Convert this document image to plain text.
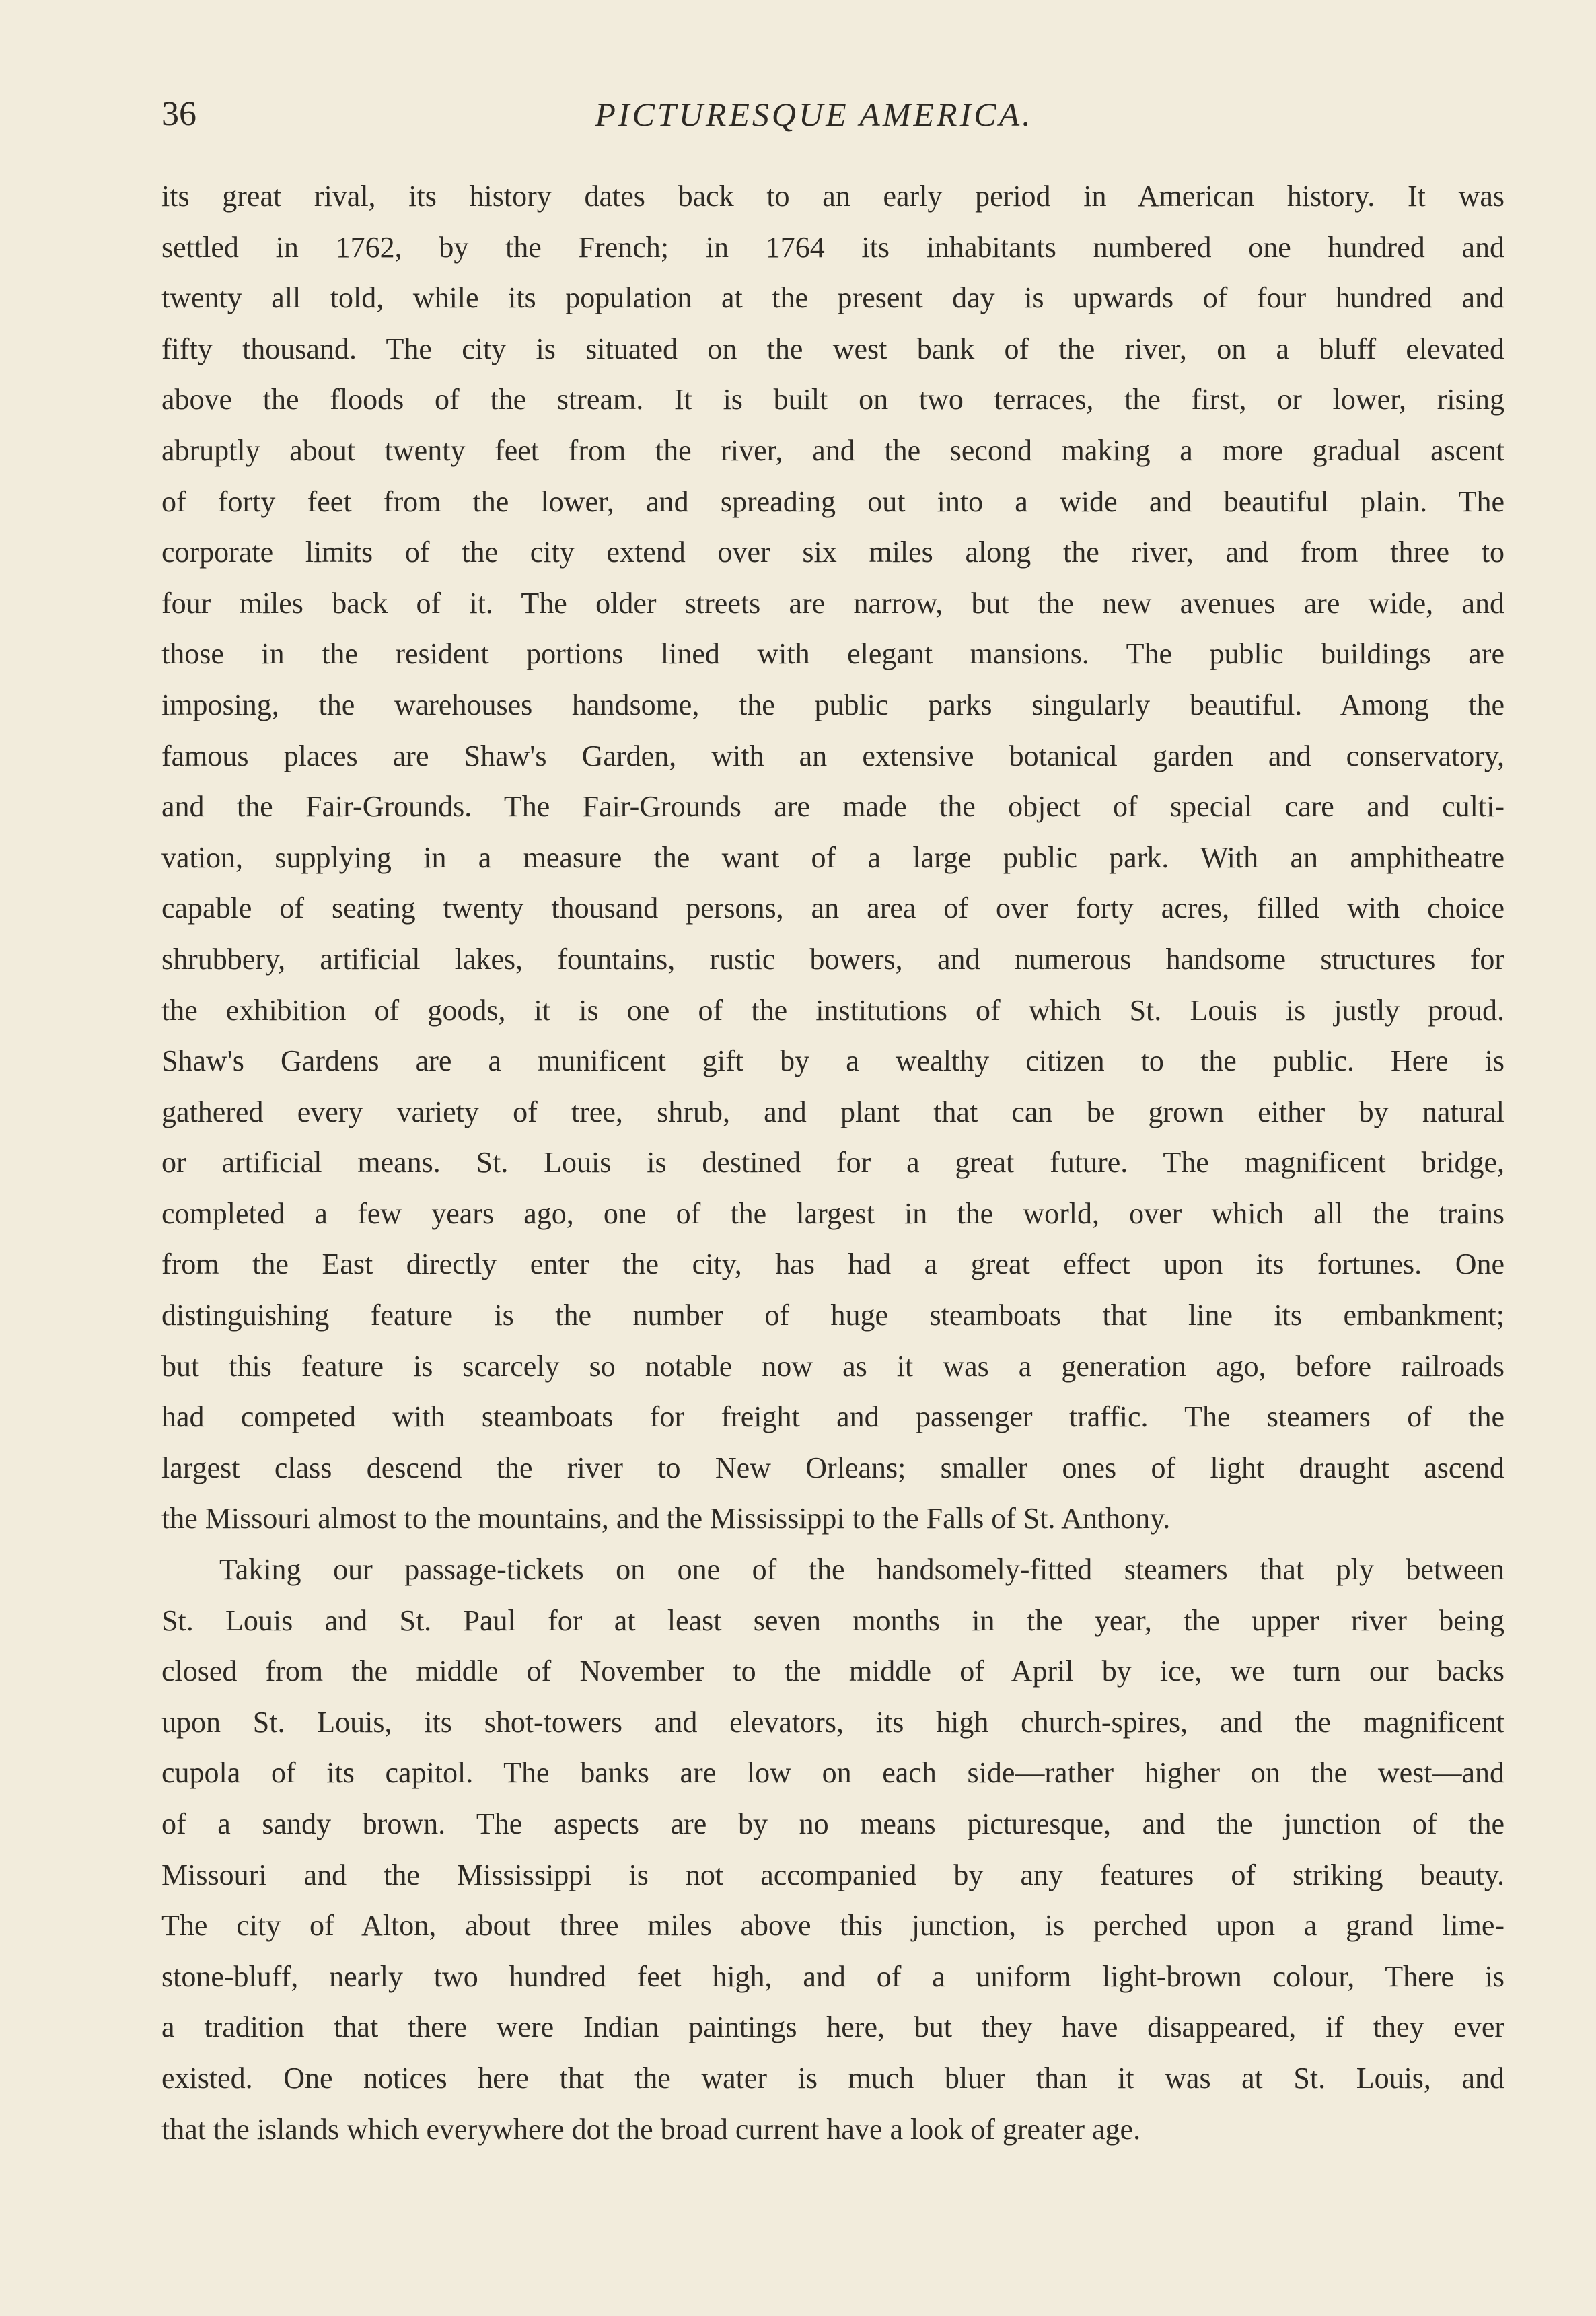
36	PICTURESQUE AMERICA.

its great rival, its history dates back to an early period in American history. It was

settled in 1762, by the French; in 1764 its inhabitants numbered one hundred and

twenty all told, while its population at the present day is upwards of four hundred and

fifty thousand. The city is situated on the west bank of the river, on a bluff elevated

above the floods of the stream. It is built on two terraces, the first, or lower, rising

abruptly about twenty feet from the river, and the second making a more gradual ascent

of forty feet from the lower, and spreading out into a wide and beautiful plain. The

corporate limits of the city extend over six miles along the river, and from three to

four miles back of it. The older streets are narrow, but the new avenues are wide, and

those in the resident portions lined with elegant mansions. The public buildings are

imposing, the warehouses handsome, the public parks singularly beautiful. Among the

famous places are Shaw's Garden, with an extensive botanical garden and conservatory,

and the Fair-Grounds. The Fair-Grounds are made the object of special care and culti-

vation, supplying in a measure the want of a large public park. With an amphitheatre

capable of seating twenty thousand persons, an area of over forty acres, filled with choice

shrubbery, artificial lakes, fountains, rustic bowers, and numerous handsome structures for

the exhibition of goods, it is one of the institutions of which St. Louis is justly proud.

Shaw's Gardens are a munificent gift by a wealthy citizen to the public. Here is

gathered every variety of tree, shrub, and plant that can be grown either by natural

or artificial means. St. Louis is destined for a great future. The magnificent bridge,

completed a few years ago, one of the largest in the world, over which all the trains

from the East directly enter the city, has had a great effect upon its fortunes. One

distinguishing feature is the number of huge steamboats that line its embankment;

but this feature is scarcely so notable now as it was a generation ago, before railroads

had competed with steamboats for freight and passenger traffic. The steamers of the

largest class descend the river to New Orleans; smaller ones of light draught ascend

the Missouri almost to the mountains, and the Mississippi to the Falls of St. Anthony.

Taking our passage-tickets on one of the handsomely-fitted steamers that ply between

St. Louis and St. Paul for at least seven months in the year, the upper river being

closed from the middle of November to the middle of April by ice, we turn our backs

upon St. Louis, its shot-towers and elevators, its high church-spires, and the magnificent

cupola of its capitol. The banks are low on each side—rather higher on the west—and

of a sandy brown. The aspects are by no means picturesque, and the junction of the

Missouri and the Mississippi is not accompanied by any features of striking beauty.

The city of Alton, about three miles above this junction, is perched upon a grand lime-

stone-bluff, nearly two hundred feet high, and of a uniform light-brown colour, There is

a tradition that there were Indian paintings here, but they have disappeared, if they ever

existed. One notices here that the water is much bluer than it was at St. Louis, and

that the islands which everywhere dot the broad current have a look of greater age.
